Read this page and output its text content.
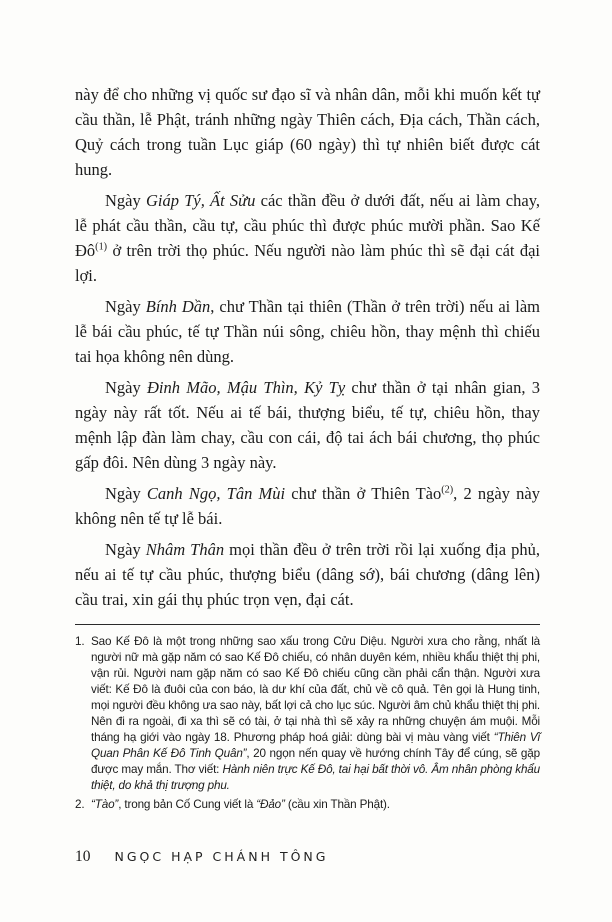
này để cho những vị quốc sư đạo sĩ và nhân dân, mỗi khi muốn kết tự cầu thần, lễ Phật, tránh những ngày Thiên cách, Địa cách, Thần cách, Quỷ cách trong tuần Lục giáp (60 ngày) thì tự nhiên biết được cát hung.

Ngày Giáp Tý, Ất Sửu các thần đều ở dưới đất, nếu ai làm chay, lễ phát cầu thần, cầu tự, cầu phúc thì được phúc mười phần. Sao Kế Đô$^{(1)}$ ở trên trời thọ phúc. Nếu người nào làm phúc thì sẽ đại cát đại lợi.

Ngày Bính Dần, chư Thần tại thiên (Thần ở trên trời) nếu ai làm lễ bái cầu phúc, tế tự Thần núi sông, chiêu hồn, thay mệnh thì chiếu tai họa không nên dùng.

Ngày Đinh Mão, Mậu Thìn, Kỷ Tỵ chư thần ở tại nhân gian, 3 ngày này rất tốt. Nếu ai tế bái, thượng biểu, tế tự, chiêu hồn, thay mệnh lập đàn làm chay, cầu con cái, độ tai ách bái chương, thọ phúc gấp đôi. Nên dùng 3 ngày này.

Ngày Canh Ngọ, Tân Mùi chư thần ở Thiên Tào$^{(2)}$, 2 ngày này không nên tế tự lễ bái.

Ngày Nhâm Thân mọi thần đều ở trên trời rồi lại xuống địa phủ, nếu ai tế tự cầu phúc, thượng biểu (dâng sớ), bái chương (dâng lên) cầu trai, xin gái thụ phúc trọn vẹn, đại cát.

1. Sao Kế Đô là một trong những sao xấu trong Cửu Diệu. Người xưa cho rằng, nhất là người nữ mà gặp năm có sao Kế Đô chiếu, có nhân duyên kém, nhiều khẩu thiệt thị phi, vận rủi. Người nam gặp năm có sao Kế Đô chiếu cũng cần phải cẩn thận. Người xưa viết: Kế Đô là đuôi của con báo, là dư khí của đất, chủ về cô quả. Tên gọi là Hung tinh, mọi người đều không ưa sao này, bất lợi cả cho lục súc. Người âm chủ khẩu thiệt thị phi. Nên đi ra ngoài, đi xa thì sẽ có tài, ở tại nhà thì sẽ xảy ra những chuyện ám muội. Mỗi tháng hạ giới vào ngày 18. Phương pháp hoá giải: dùng bài vị màu vàng viết “Thiên Vĩ Quan Phân Kế Đô Tinh Quân”, 20 ngọn nến quay về hướng chính Tây để cúng, sẽ gặp được may mắn. Thơ viết: Hành niên trực Kế Đô, tai hại bất thời vô. Âm nhân phòng khẩu thiệt, do khả thị trượng phu.
2. “Tào”, trong bản Cố Cung viết là “Đảo” (cầu xin Thần Phật).
10 NGỌC HẠP CHÁNH TÔNG
